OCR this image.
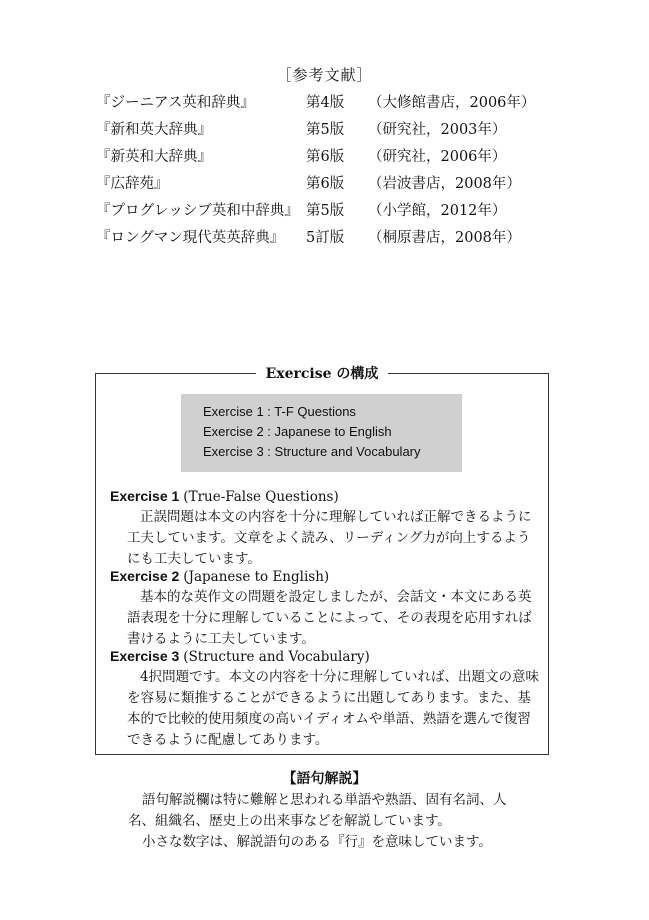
［参考文献］
『ジーニアス英和辞典』	第4版 （大修館書店，2006年）
『新和英大辞典』	第5版 （研究社，2003年）
『新英和大辞典』	第6版 （研究社，2006年）
『広辞苑』	第6版 （岩波書店，2008年）
『プログレッシブ英和中辞典』 第5版 （小学館，2012年）
『ロングマン現代英英辞典』 5訂版 （桐原書店，2008年）
Exercise の構成
Exercise 1 : T-F Questions
Exercise 2 : Japanese to English
Exercise 3 : Structure and Vocabulary
Exercise 1 (True-False Questions)
正誤問題は本文の内容を十分に理解していれば正解できるように工夫しています。文章をよく読み、リーディング力が向上するようにも工夫しています。
Exercise 2 (Japanese to English)
基本的な英作文の問題を設定しましたが、会話文・本文にある英語表現を十分に理解していることによって、その表現を応用すれば書けるように工夫しています。
Exercise 3 (Structure and Vocabulary)
4択問題です。本文の内容を十分に理解していれば、出題文の意味を容易に類推することができるように出題してあります。また、基本的で比較的使用頻度の高いイディオムや単語、熟語を選んで復習できるように配慮してあります。
【語句解説】

語句解説欄は特に難解と思われる単語や熟語、固有名詞、人名、組織名、歴史上の出来事などを解説しています。

小さな数字は、解説語句のある『行』を意味しています。
